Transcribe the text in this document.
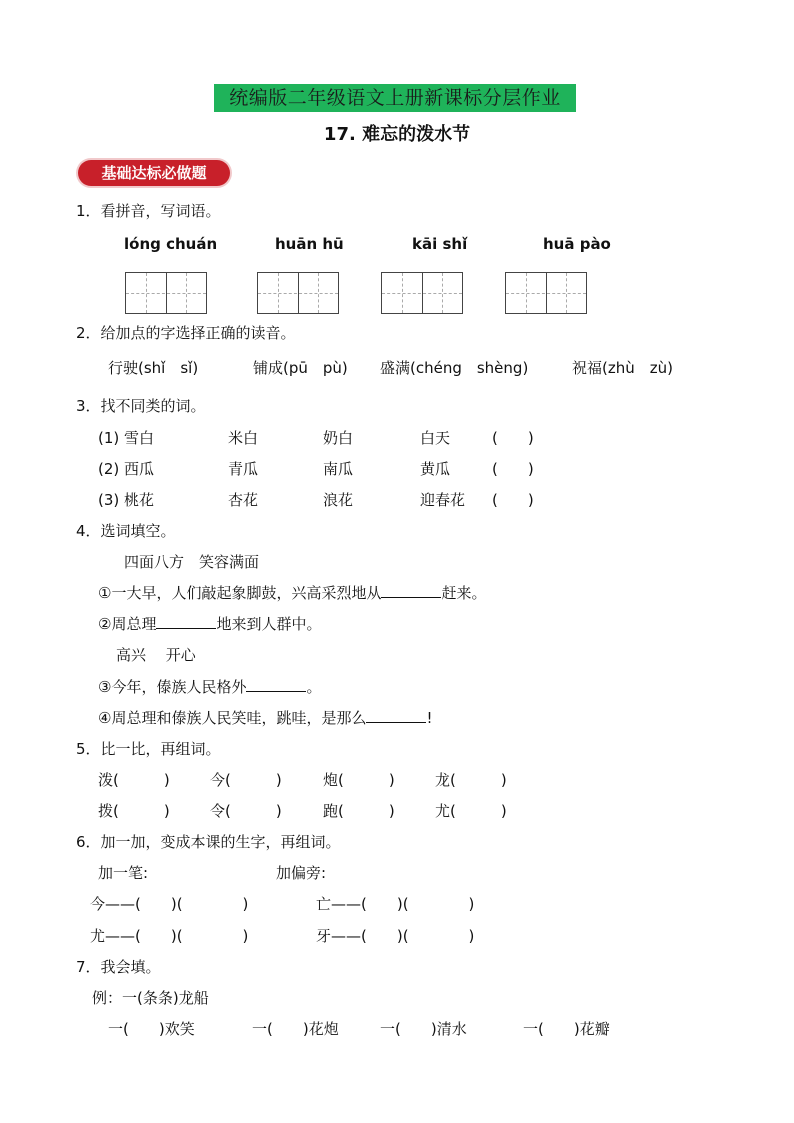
统编版二年级语文上册新课标分层作业
17. 难忘的泼水节
基础达标必做题
1．看拼音，写词语。
lóng chuán	huān hū	kāi shǐ	huā pào
2．给加点的字选择正确的读音。
行驶(shǐ　sǐ)	铺成(pū　pù) 盛满(chéng　shèng)	祝福(zhù　zù)
3．找不同类的词。
(1) 雪白	米白	奶白	白天	(　　)
(2) 西瓜	青瓜	南瓜	黄瓜	(　　)
(3) 桃花	杏花	浪花	迎春花 (　　)
4．选词填空。
四面八方　笑容满面
①一大早，人们敲起象脚鼓，兴高采烈地从	赶来。
②周总理	地来到人群中。
高兴　 开心
③今年，傣族人民格外	。
④周总理和傣族人民笑哇，跳哇，是那么	!
5．比一比，再组词。
泼(　　　)	今(　　　)	炮(　　　)	龙(　　　)
拨(　　　)	令(　　　)	跑(　　　)	尤(　　　)
6．加一加，变成本课的生字，再组词。
加一笔:	加偏旁:
今——(　　)(　　　　)	亡——(　　)(　　　　)
尤——(　　)(　　　　)	牙——(　　)(　　　　)
7．我会填。
例：一(条条)龙船
一(　　)欢笑	一(　　)花炮	一(　　)清水	一(　　)花瓣
